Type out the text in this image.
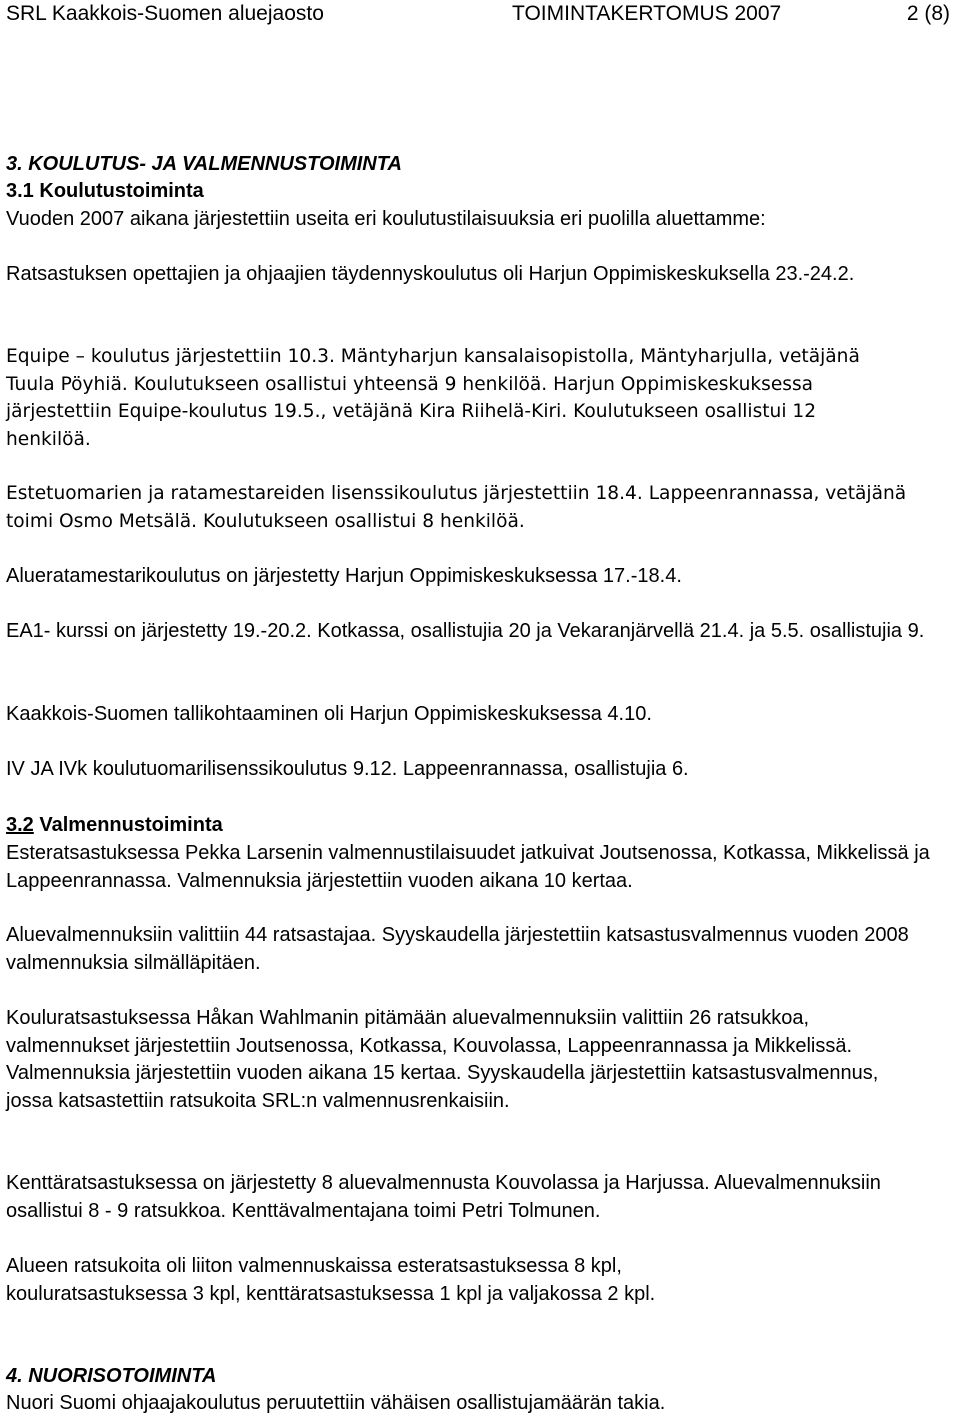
SRL Kaakkois-Suomen aluejaosto	TOIMINTAKERTOMUS 2007	2 (8)

3. KOULUTUS- JA VALMENNUSTOIMINTA

3.1 Koulutustoiminta

Vuoden 2007 aikana järjestettiin useita eri koulutustilaisuuksia eri puolilla aluettamme:

Ratsastuksen opettajien ja ohjaajien täydennyskoulutus oli Harjun Oppimiskeskuksella 23.-24.2.

Equipe – koulutus järjestettiin 10.3. Mäntyharjun kansalaisopistolla, Mäntyharjulla, vetäjänä Tuula Pöyhiä. Koulutukseen osallistui yhteensä 9 henkilöä. Harjun Oppimiskeskuksessa järjestettiin Equipe-koulutus 19.5., vetäjänä Kira Riihelä-Kiri. Koulutukseen osallistui 12 henkilöä.

Estetuomarien ja ratamestareiden lisenssikoulutus järjestettiin 18.4. Lappeenrannassa, vetäjänä toimi Osmo Metsälä. Koulutukseen osallistui 8 henkilöä.

Alueratamestarikoulutus on järjestetty Harjun Oppimiskeskuksessa 17.-18.4.

EA1- kurssi on järjestetty 19.-20.2. Kotkassa, osallistujia 20 ja Vekaranjärvellä 21.4. ja 5.5. osallistujia 9.

Kaakkois-Suomen tallikohtaaminen oli Harjun Oppimiskeskuksessa 4.10.

IV JA IVk koulutuomarilisenssikoulutus 9.12. Lappeenrannassa, osallistujia 6.

3.2 Valmennustoiminta

Esteratsastuksessa Pekka Larsenin valmennustilaisuudet jatkuivat Joutsenossa, Kotkassa, Mikkelissä ja Lappeenrannassa. Valmennuksia järjestettiin vuoden aikana 10 kertaa.

Aluevalmennuksiin valittiin 44 ratsastajaa. Syyskaudella järjestettiin katsastusvalmennus vuoden 2008 valmennuksia silmälläpitäen.

Kouluratsastuksessa Håkan Wahlmanin pitämään aluevalmennuksiin valittiin 26 ratsukkoa, valmennukset järjestettiin Joutsenossa, Kotkassa, Kouvolassa, Lappeenrannassa ja Mikkelissä. Valmennuksia järjestettiin vuoden aikana 15 kertaa. Syyskaudella järjestettiin katsastusvalmennus, jossa katsastettiin ratsukoita SRL:n valmennusrenkaisiin.

Kenttäratsastuksessa on järjestetty 8 aluevalmennusta Kouvolassa ja Harjussa. Aluevalmennuksiin osallistui 8 - 9 ratsukkoa. Kenttävalmentajana toimi Petri Tolmunen.

Alueen ratsukoita oli liiton valmennuskaissa esteratsastuksessa 8 kpl, kouluratsastuksessa 3 kpl, kenttäratsastuksessa 1 kpl ja valjakossa 2 kpl.

4. NUORISOTOIMINTA

Nuori Suomi ohjaajakoulutus peruutettiin vähäisen osallistujamäärän takia.
